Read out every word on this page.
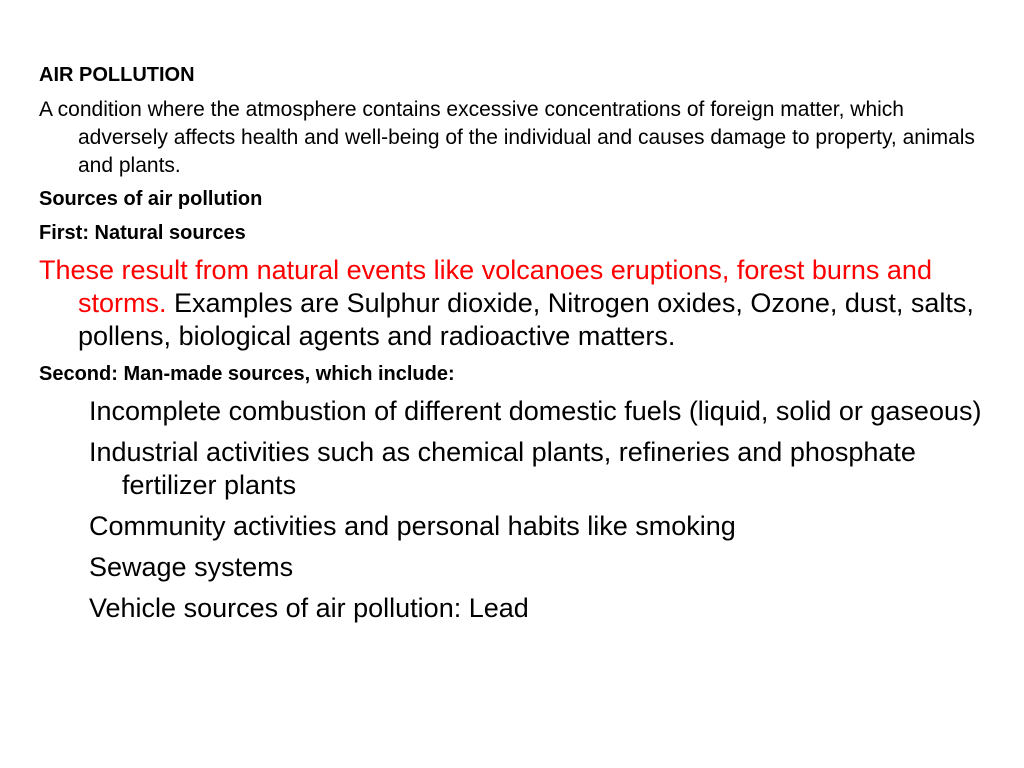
AIR POLLUTION
A condition where the atmosphere contains excessive concentrations of foreign matter, which adversely affects health and well-being of the individual and causes damage to property, animals and plants.
Sources of air pollution
First: Natural sources
These result from natural events like volcanoes eruptions, forest burns and storms. Examples are Sulphur dioxide, Nitrogen oxides, Ozone, dust, salts, pollens, biological agents and radioactive matters.
Second: Man-made sources, which include:
Incomplete combustion of different domestic fuels (liquid, solid or gaseous)
Industrial activities such as chemical plants, refineries and phosphate fertilizer plants
Community activities and personal habits like smoking
Sewage systems
Vehicle sources of air pollution: Lead
